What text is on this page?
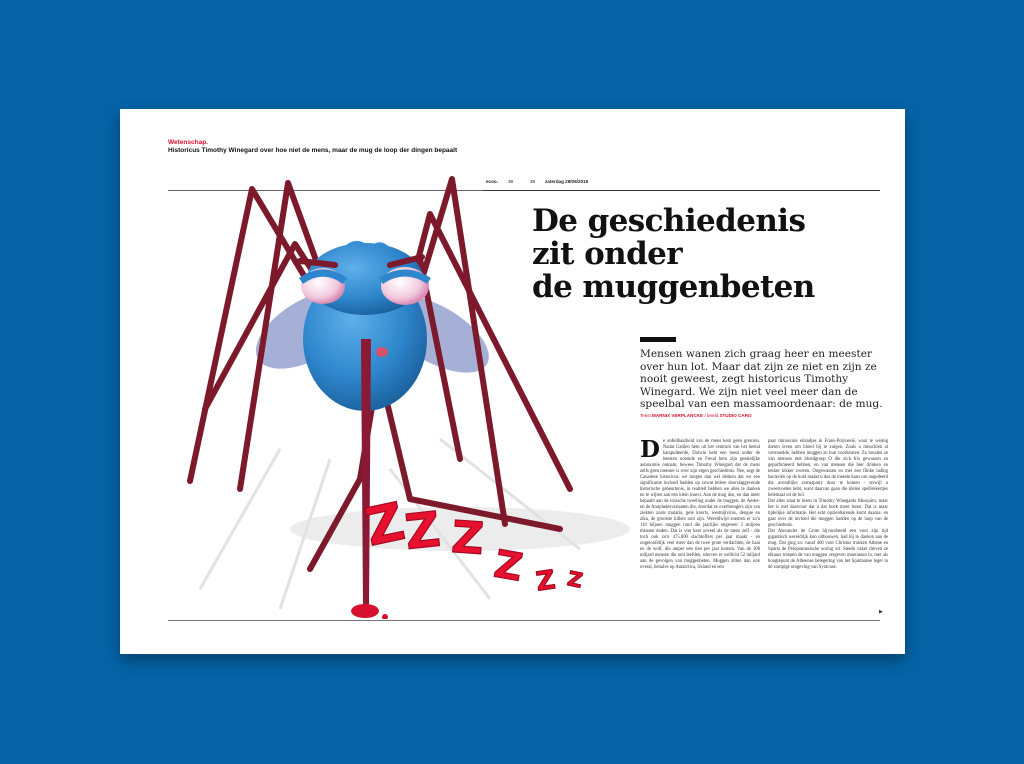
Wetenschap.
Historicus Timothy Winegard over hoe niet de mens, maar de mug de loop der dingen bepaalt
ecoo. 38	39 zaterdag 28/09/2019
Z
Z Z
Z Z Z
De geschiedenis
zit onder
de muggenbeten
Mensen wanen zich graag heer en meester over hun lot. Maar dat zijn ze niet en zijn ze nooit geweest, zegt historicus Timothy Winegard. We zijn niet veel meer dan de speelbal van een massamoordenaar: de mug.
Tekst MARNIX VERPLANCKE / beeld STUDIO CARO
D e onfeilbaarheid van de mens kent geen grenzen. Nadat Galileo hem uit het centrum van het heelal katapulteerde, Darwin hem een beest onder de beesten noemde en Freud hem zijn geestelijke autonomie ontnam, bewees Timothy Winegard dat de mens zelfs geen meester is over zijn eigen geschiedenis. Nee, zegt de Canadese historicus: we mogen dan wel denken dat we een significante invloed hadden op zowat iedere doorslaggevende historische gebeurtenis, in realiteit hebben we alles te danken en te wijten aan een klein insect. Aan de mug dus, en dan meer bepaald aan de toxische tweeling onder de muggen, de Aedes- en de Anophelesvarianten die, doordat ze overbrengers zijn van ziekten zoals malaria, gele koorts, westnijlvirus, dengue en zika, de grootste killers ooit zijn. Wereldwijd zoemen er zo'n 110 biljoen muggen rond die jaarlijks ongeveer 2 miljoen mensen doden. Dat is vier keer zoveel als de mens zelf - die toch ook zo'n 475.000 slachtoffers per jaar maakt - en ongeloofelijk veel meer dan de twee grote verdachten, de haai en de wolf, die amper een tien per jaar komen. Van de 108 miljard mensen die ooit leefden, stierven er wellicht 52 miljard aan de gevolgen van muggenbeten. Muggen zitten dan ook overal, behalve op Antarctica, IJsland en een

paar minuscule eilandjes in Frans-Polynesië, waar te weinig dieren leven om bloed bij te zuigen. Zoals u misschien al vermoedde, hebben muggen zo hun voorkeuren. Zo houden ze van mensen met bloedgroep O die zich fris gewassen en geparfumeerd hebben, en van mensen die bier drinken en lekker lekker zweten. Ongewassen en met een flinke lading bacteriën op de huid maakt u dus de meeste kans om ongedeerd die avondlijke zomerparty door te komen - terwijl u zweetvoeten hebt, want daarvan gaan die kleine spelbrekertjes helemaal uit de bol.

Dat alles staat te lezen in Timothy Winegards Mosquito, maar het is niet daarvoor dat u dat boek moet lezen. Dat is maar tijdelijke informatie. Het echt opzienbarende komt daarna: en gaat over de invloed die muggen hadden op de loop van de geschiedenis.

Dat Alexander de Grote bijvoorbeeld een voor zijn tijd gigantisch wereldrijk kon uitbouwen, had hij te danken aan de mug. Dat ging zo: vanaf 460 voor Christus trokken Athene en Sparta de Peloponnesische oorlog uit. Steeds vaker dreven ze elkaars troepen de van muggen vergeven moerassen in, met als hoogtepunt de Atheense belegering van het Spartaanse leger in de zompige omgeving van Syracuse.

▶
